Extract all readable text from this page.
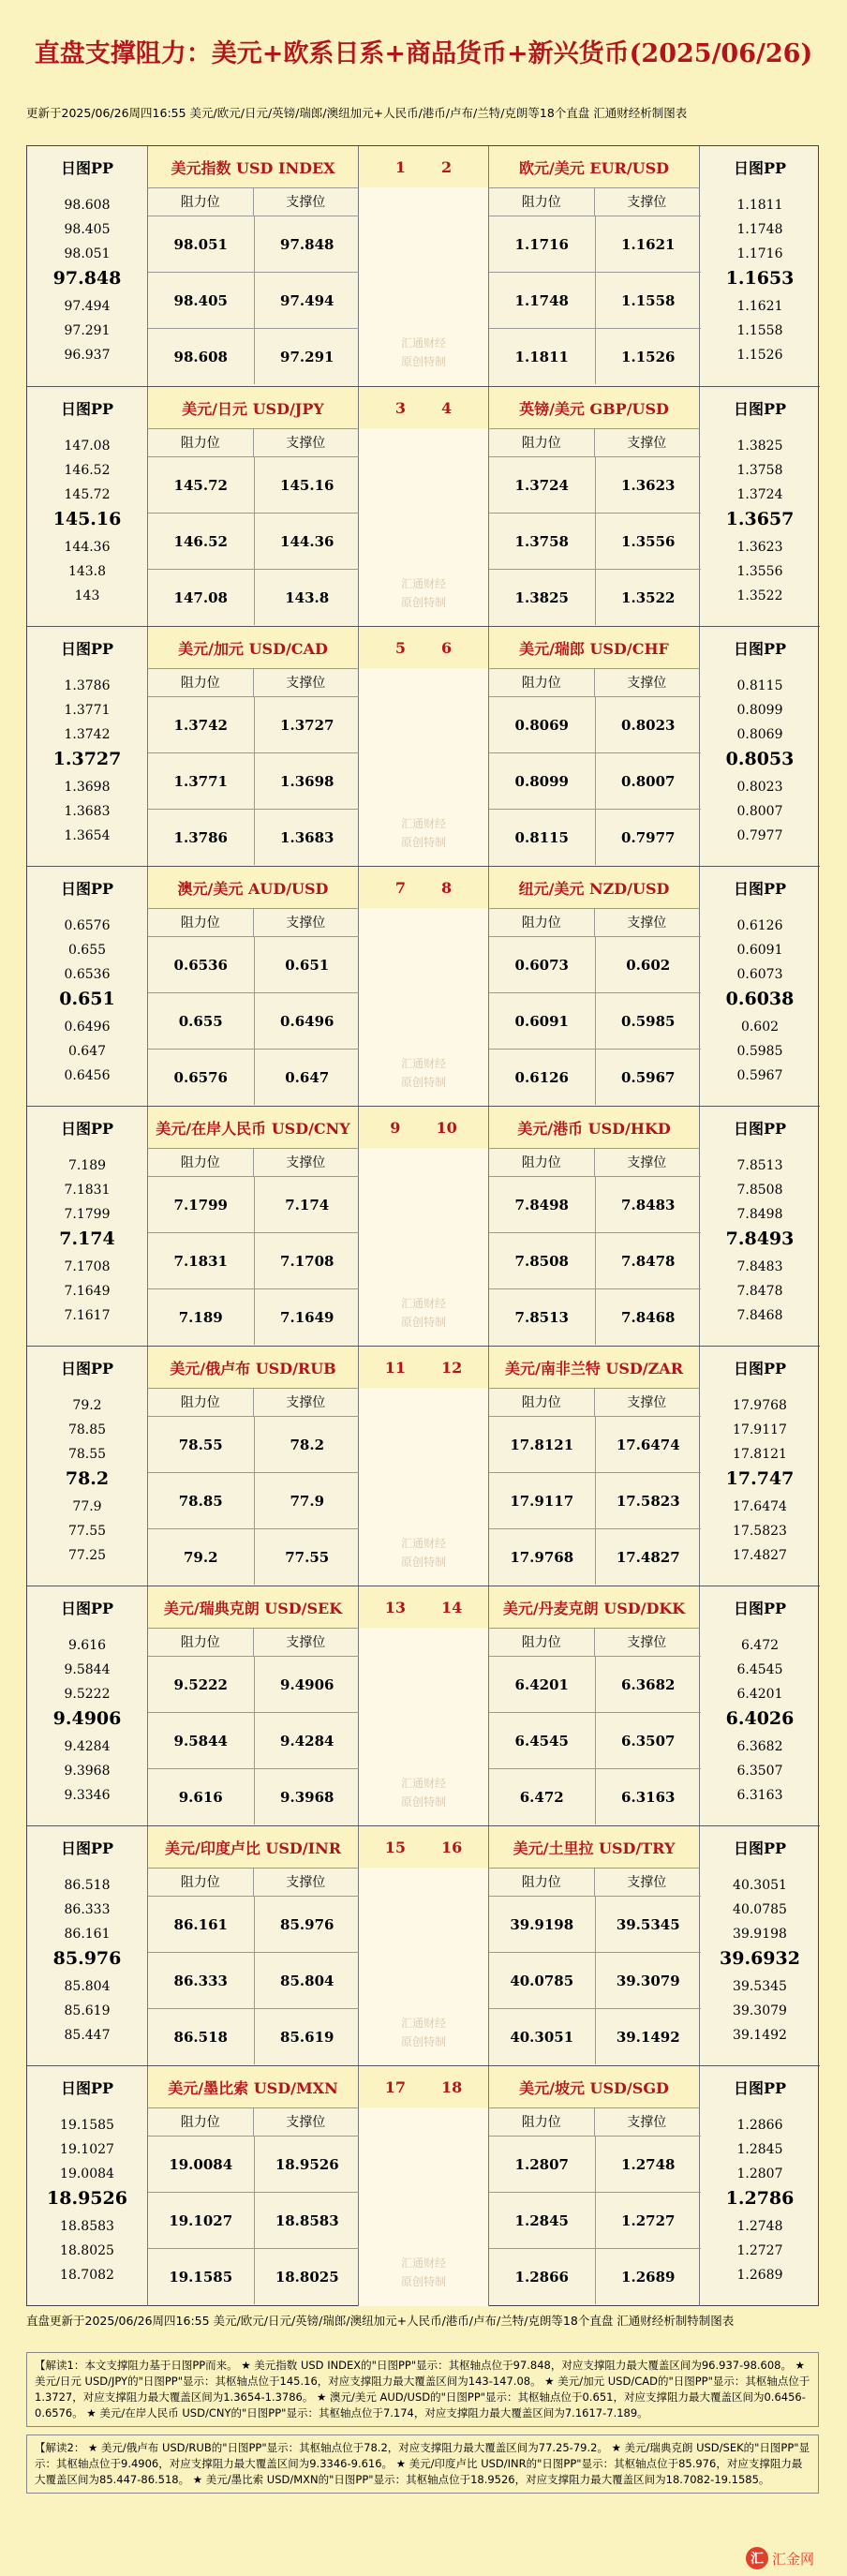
直盘支撑阻力：美元+欧系日系+商品货币+新兴货币(2025/06/26)
更新于2025/06/26周四16:55 美元/欧元/日元/英镑/瑞郎/澳纽加元+人民币/港币/卢布/兰特/克朗等18个直盘 汇通财经析制图表
日图PP
98.608
98.405
98.051
97.848
97.494
97.291
96.937
美元指数 USD INDEX
阻力位	支撑位
98.051	97.848
98.405	97.494
98.608	97.291
1 2
汇通财经
原创特制
欧元/美元 EUR/USD
阻力位	支撑位
1.1716	1.1621
1.1748	1.1558
1.1811	1.1526
日图PP
1.1811
1.1748
1.1716
1.1653
1.1621
1.1558
1.1526
日图PP
147.08
146.52
145.72
145.16
144.36
143.8
143
美元/日元 USD/JPY
阻力位	支撑位
145.72	145.16
146.52	144.36
147.08	143.8
3 4
汇通财经
原创特制
英镑/美元 GBP/USD
阻力位	支撑位
1.3724	1.3623
1.3758	1.3556
1.3825	1.3522
日图PP
1.3825
1.3758
1.3724
1.3657
1.3623
1.3556
1.3522
日图PP
1.3786
1.3771
1.3742
1.3727
1.3698
1.3683
1.3654
美元/加元 USD/CAD
阻力位	支撑位
1.3742	1.3727
1.3771	1.3698
1.3786	1.3683
5 6
汇通财经
原创特制
美元/瑞郎 USD/CHF
阻力位	支撑位
0.8069	0.8023
0.8099	0.8007
0.8115	0.7977
日图PP
0.8115
0.8099
0.8069
0.8053
0.8023
0.8007
0.7977
日图PP
0.6576
0.655
0.6536
0.651
0.6496
0.647
0.6456
澳元/美元 AUD/USD
阻力位	支撑位
0.6536	0.651
0.655	0.6496
0.6576	0.647
7 8
汇通财经
原创特制
纽元/美元 NZD/USD
阻力位	支撑位
0.6073	0.602
0.6091	0.5985
0.6126	0.5967
日图PP
0.6126
0.6091
0.6073
0.6038
0.602
0.5985
0.5967
日图PP
7.189
7.1831
7.1799
7.174
7.1708
7.1649
7.1617
美元/在岸人民币 USD/CNY
阻力位	支撑位
7.1799	7.174
7.1831	7.1708
7.189	7.1649
9 10
汇通财经
原创特制
美元/港币 USD/HKD
阻力位	支撑位
7.8498	7.8483
7.8508	7.8478
7.8513	7.8468
日图PP
7.8513
7.8508
7.8498
7.8493
7.8483
7.8478
7.8468
日图PP
79.2
78.85
78.55
78.2
77.9
77.55
77.25
美元/俄卢布 USD/RUB
阻力位	支撑位
78.55	78.2
78.85	77.9
79.2	77.55
11 12
汇通财经
原创特制
美元/南非兰特 USD/ZAR
阻力位	支撑位
17.8121	17.6474
17.9117	17.5823
17.9768	17.4827
日图PP
17.9768
17.9117
17.8121
17.747
17.6474
17.5823
17.4827
日图PP
9.616
9.5844
9.5222
9.4906
9.4284
9.3968
9.3346
美元/瑞典克朗 USD/SEK
阻力位	支撑位
9.5222	9.4906
9.5844	9.4284
9.616	9.3968
13 14
汇通财经
原创特制
美元/丹麦克朗 USD/DKK
阻力位	支撑位
6.4201	6.3682
6.4545	6.3507
6.472	6.3163
日图PP
6.472
6.4545
6.4201
6.4026
6.3682
6.3507
6.3163
日图PP
86.518
86.333
86.161
85.976
85.804
85.619
85.447
美元/印度卢比 USD/INR
阻力位	支撑位
86.161	85.976
86.333	85.804
86.518	85.619
15 16
汇通财经
原创特制
美元/土里拉 USD/TRY
阻力位	支撑位
39.9198	39.5345
40.0785	39.3079
40.3051	39.1492
日图PP
40.3051
40.0785
39.9198
39.6932
39.5345
39.3079
39.1492
日图PP
19.1585
19.1027
19.0084
18.9526
18.8583
18.8025
18.7082
美元/墨比索 USD/MXN
阻力位	支撑位
19.0084	18.9526
19.1027	18.8583
19.1585	18.8025
17 18
汇通财经
原创特制
美元/坡元 USD/SGD
阻力位	支撑位
1.2807	1.2748
1.2845	1.2727
1.2866	1.2689
日图PP
1.2866
1.2845
1.2807
1.2786
1.2748
1.2727
1.2689
直盘更新于2025/06/26周四16:55 美元/欧元/日元/英镑/瑞郎/澳纽加元+人民币/港币/卢布/兰特/克朗等18个直盘 汇通财经析制特制图表
【解读1：本文支撑阻力基于日图PP而来。 ★ 美元指数 USD INDEX的"日图PP"显示：其枢轴点位于97.848，对应支撑阻力最大覆盖区间为96.937-98.608。 ★ 美元/日元 USD/JPY的"日图PP"显示：其枢轴点位于145.16，对应支撑阻力最大覆盖区间为143-147.08。 ★ 美元/加元 USD/CAD的"日图PP"显示：其枢轴点位于1.3727，对应支撑阻力最大覆盖区间为1.3654-1.3786。 ★ 澳元/美元 AUD/USD的"日图PP"显示：其枢轴点位于0.651，对应支撑阻力最大覆盖区间为0.6456-0.6576。 ★ 美元/在岸人民币 USD/CNY的"日图PP"显示：其枢轴点位于7.174，对应支撑阻力最大覆盖区间为7.1617-7.189。
【解读2： ★ 美元/俄卢布 USD/RUB的"日图PP"显示：其枢轴点位于78.2，对应支撑阻力最大覆盖区间为77.25-79.2。 ★ 美元/瑞典克朗 USD/SEK的"日图PP"显示：其枢轴点位于9.4906，对应支撑阻力最大覆盖区间为9.3346-9.616。 ★ 美元/印度卢比 USD/INR的"日图PP"显示：其枢轴点位于85.976，对应支撑阻力最大覆盖区间为85.447-86.518。 ★ 美元/墨比索 USD/MXN的"日图PP"显示：其枢轴点位于18.9526，对应支撑阻力最大覆盖区间为18.7082-19.1585。
汇 汇金网
